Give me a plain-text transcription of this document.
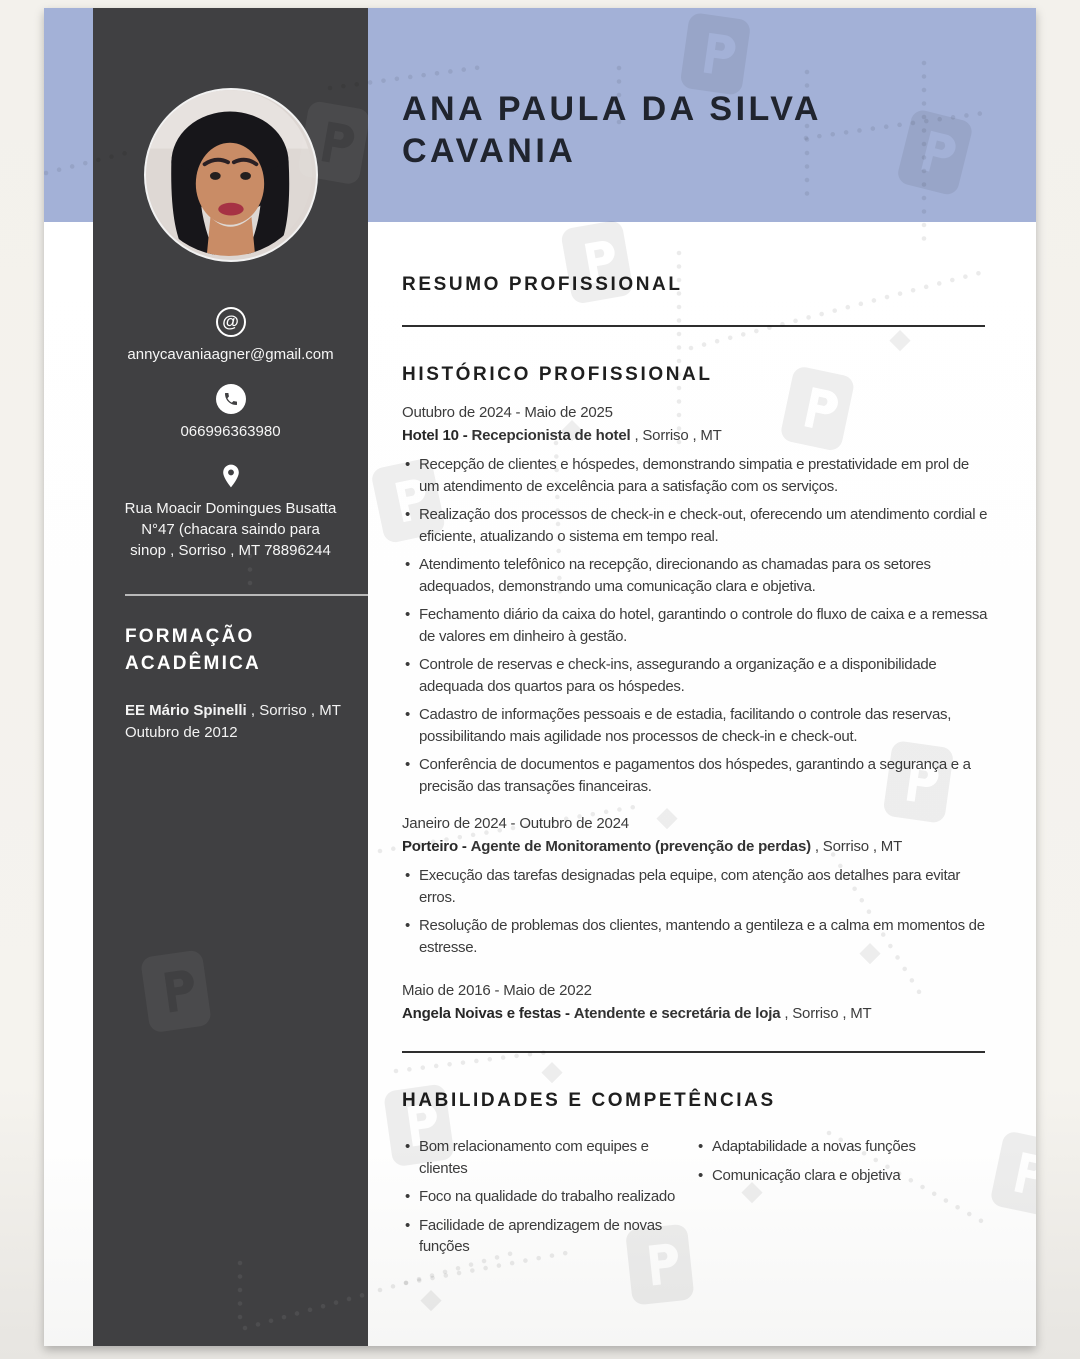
@
annycavaniaagner@gmail.com
066996363980
Rua Moacir Domingues Busatta N°47 (chacara saindo para sinop , Sorriso , MT 78896244
FORMAÇÃO ACADÊMICA
EE Mário Spinelli , Sorriso , MT
Outubro de 2012
ANA PAULA DA SILVA CAVANIA
RESUMO PROFISSIONAL
HISTÓRICO PROFISSIONAL

Outubro de 2024 - Maio de 2025

Hotel 10 - Recepcionista de hotel , Sorriso , MT

• Recepção de clientes e hóspedes, demonstrando simpatia e prestatividade em prol de um atendimento de excelência para a satisfação com os serviços.
• Realização dos processos de check-in e check-out, oferecendo um atendimento cordial e eficiente, atualizando o sistema em tempo real.
• Atendimento telefônico na recepção, direcionando as chamadas para os setores adequados, demonstrando uma comunicação clara e objetiva.
• Fechamento diário da caixa do hotel, garantindo o controle do fluxo de caixa e a remessa de valores em dinheiro à gestão.
• Controle de reservas e check-ins, assegurando a organização e a disponibilidade adequada dos quartos para os hóspedes.
• Cadastro de informações pessoais e de estadia, facilitando o controle das reservas, possibilitando mais agilidade nos processos de check-in e check-out.
• Conferência de documentos e pagamentos dos hóspedes, garantindo a segurança e a precisão das transações financeiras.

Janeiro de 2024 - Outubro de 2024

Porteiro - Agente de Monitoramento (prevenção de perdas) , Sorriso , MT

• Execução das tarefas designadas pela equipe, com atenção aos detalhes para evitar erros.
• Resolução de problemas dos clientes, mantendo a gentileza e a calma em momentos de estresse.

Maio de 2016 - Maio de 2022

Angela Noivas e festas - Atendente e secretária de loja , Sorriso , MT

HABILIDADES E COMPETÊNCIAS
• Bom relacionamento com equipes e clientes
• Foco na qualidade do trabalho realizado
• Facilidade de aprendizagem de novas funções
• Adaptabilidade a novas funções
• Comunicação clara e objetiva
